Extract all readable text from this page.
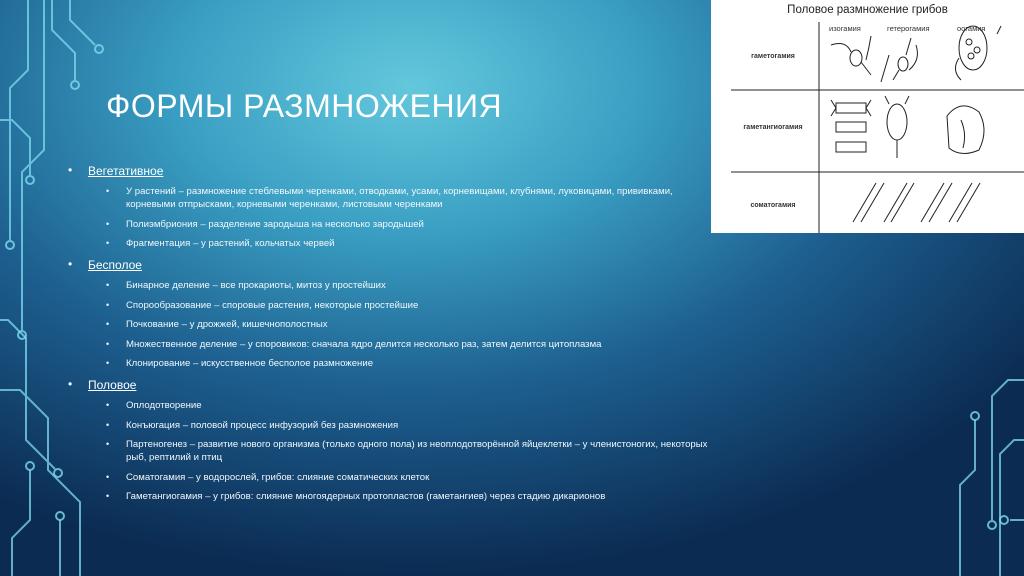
ФОРМЫ РАЗМНОЖЕНИЯ
• Вегетативное
• У растений – размножение стеблевыми черенками, отводками, усами, корневищами, клубнями, луковицами, прививками, корневыми отпрысками, корневыми черенками, листовыми черенками
• Полиэмбриония – разделение зародыша на несколько зародышей
• Фрагментация – у растений, кольчатых червей
• Бесполое
• Бинарное деление – все прокариоты, митоз у простейших
• Спорообразование – споровые растения, некоторые простейшие
• Почкование – у дрожжей, кишечнополостных
• Множественное деление – у споровиков: сначала ядро делится несколько раз, затем делится цитоплазма
• Клонирование – искусственное бесполое размножение
• Половое
• Оплодотворение
• Конъюгация – половой процесс инфузорий без размножения
• Партеногенез – развитие нового организма (только одного пола) из неоплодотворённой яйцеклетки – у членистоногих, некоторых рыб, рептилий и птиц
• Соматогамия – у водорослей, грибов: слияние соматических клеток
• Гаметангиогамия – у грибов: слияние многоядерных протопластов (гаметангиев) через стадию дикарионов
Половое размножение грибов
изогамия	гетерогамия	оогамия
гаметогамия
гаметангиогамия
соматогамия
